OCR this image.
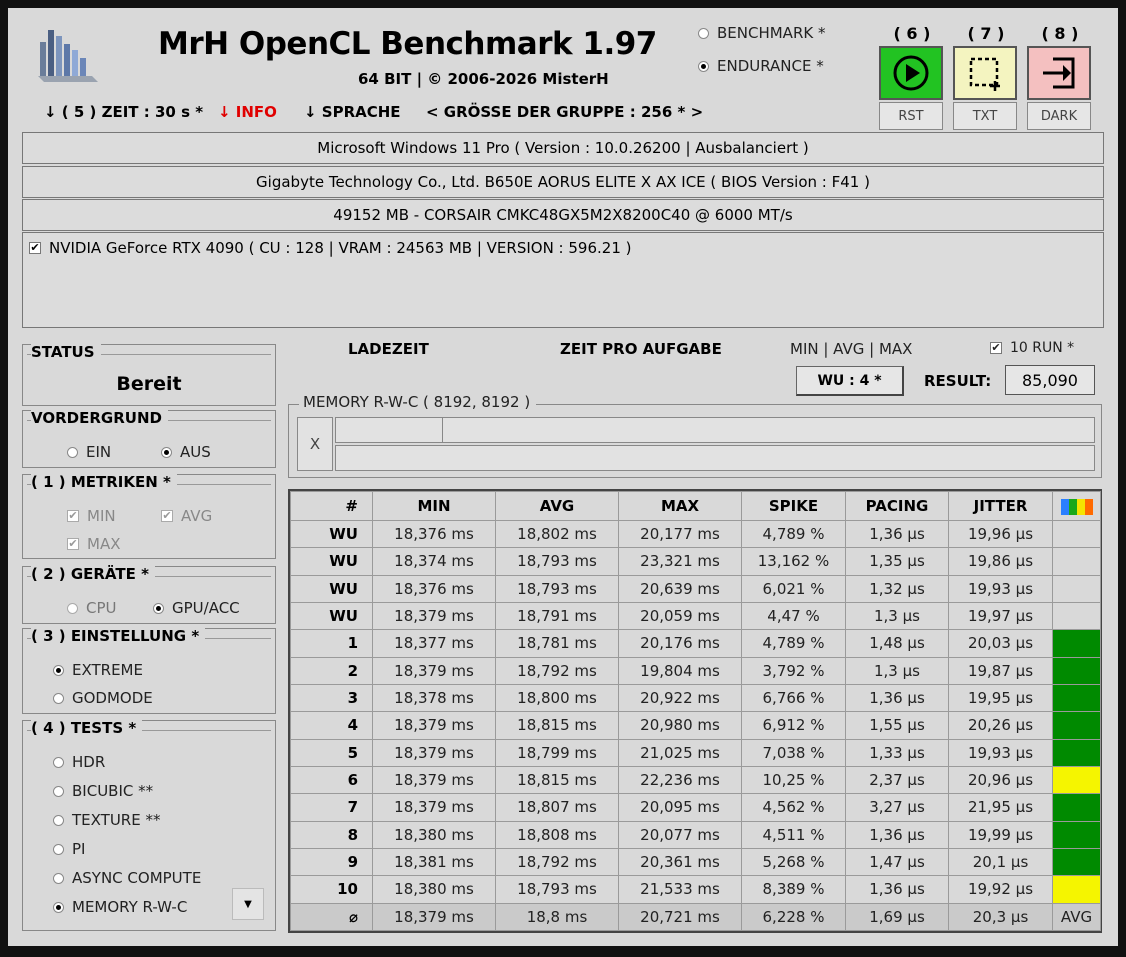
MrH OpenCL Benchmark 1.97
64 BIT | © 2006-2026 MisterH
↓ ( 5 ) ZEIT : 30 s * ↓ INFO ↓ SPRACHE < GRÖSSE DER GRUPPE : 256 * >
BENCHMARK *
ENDURANCE *
( 6 )	( 7 )	( 8 )
RST	TXT	DARK
Microsoft Windows 11 Pro ( Version : 10.0.26200 | Ausbalanciert )
Gigabyte Technology Co., Ltd. B650E AORUS ELITE X AX ICE ( BIOS Version : F41 )
49152 MB - CORSAIR CMKC48GX5M2X8200C40 @ 6000 MT/s
✔ NVIDIA GeForce RTX 4090 ( CU : 128 | VRAM : 24563 MB | VERSION : 596.21 )
STATUS
Bereit
VORDERGRUND
EIN	AUS
( 1 ) METRIKEN *
✔ MIN	✔ AVG
✔ MAX
( 2 ) GERÄTE *
CPU	GPU/ACC
( 3 ) EINSTELLUNG *
EXTREME
GODMODE
( 4 ) TESTS *
HDR
BICUBIC **
TEXTURE **
PI
ASYNC COMPUTE
MEMORY R-W-C	▼
LADEZEIT	ZEIT PRO AUFGABE	MIN | AVG | MAX	✔ 10 RUN *
WU : 4 *	RESULT:	85,090
MEMORY R-W-C ( 8192, 8192 )
X
#	MIN	AVG	MAX	SPIKE	PACING	JITTER	

WU	18,376 ms	18,802 ms	20,177 ms	4,789 %	1,36 µs	19,96 µs	
WU	18,374 ms	18,793 ms	23,321 ms	13,162 %	1,35 µs	19,86 µs	
WU	18,376 ms	18,793 ms	20,639 ms	6,021 %	1,32 µs	19,93 µs	
WU	18,379 ms	18,791 ms	20,059 ms	4,47 %	1,3 µs	19,97 µs	
1	18,377 ms	18,781 ms	20,176 ms	4,789 %	1,48 µs	20,03 µs	
2	18,379 ms	18,792 ms	19,804 ms	3,792 %	1,3 µs	19,87 µs	
3	18,378 ms	18,800 ms	20,922 ms	6,766 %	1,36 µs	19,95 µs	
4	18,379 ms	18,815 ms	20,980 ms	6,912 %	1,55 µs	20,26 µs	
5	18,379 ms	18,799 ms	21,025 ms	7,038 %	1,33 µs	19,93 µs	
6	18,379 ms	18,815 ms	22,236 ms	10,25 %	2,37 µs	20,96 µs	
7	18,379 ms	18,807 ms	20,095 ms	4,562 %	3,27 µs	21,95 µs	
8	18,380 ms	18,808 ms	20,077 ms	4,511 %	1,36 µs	19,99 µs	
9	18,381 ms	18,792 ms	20,361 ms	5,268 %	1,47 µs	20,1 µs	
10	18,380 ms	18,793 ms	21,533 ms	8,389 %	1,36 µs	19,92 µs	
⌀	18,379 ms	18,8 ms	20,721 ms	6,228 %	1,69 µs	20,3 µs	AVG
